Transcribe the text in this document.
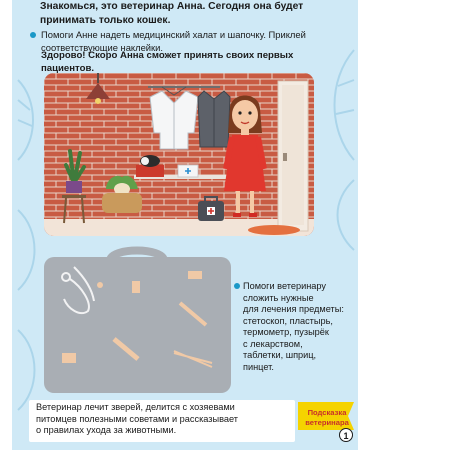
Знакомься, это ветеринар Анна. Сегодня она будет
принимать только кошек.
Помоги Анне надеть медицинский халат и шапочку. Приклей
соответствующие наклейки.
Здорово! Скоро Анна сможет принять своих первых
пациентов.
Помоги ветеринару
сложить нужные
для лечения предметы:
стетоскоп, пластырь,
термометр, пузырёк
с лекарством,
таблетки, шприц,
пинцет.
Ветеринар лечит зверей, делится с хозяевами
питомцев полезными советами и рассказывает
о правилах ухода за животными.
Подсказка
ветеринара
1
